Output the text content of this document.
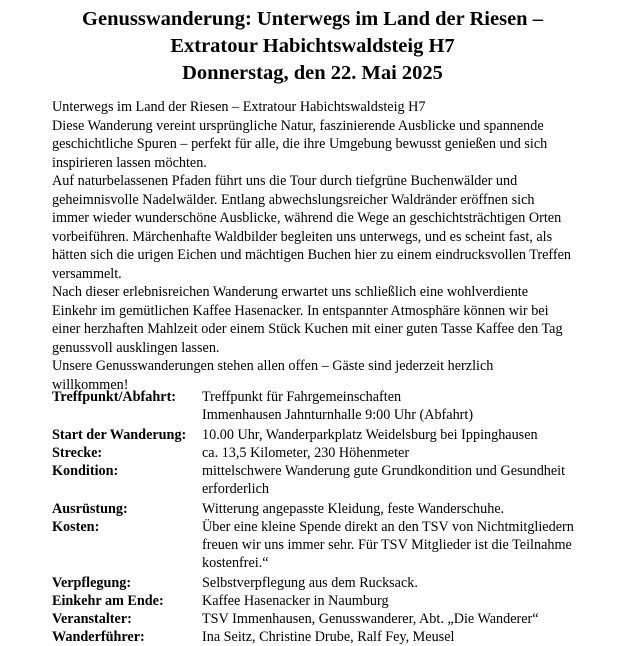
Genusswanderung: Unterwegs im Land der Riesen –
Extratour Habichtswaldsteig H7
Donnerstag, den 22. Mai 2025

Unterwegs im Land der Riesen – Extratour Habichtswaldsteig H7

Diese Wanderung vereint ursprüngliche Natur, faszinierende Ausblicke und spannende geschichtliche Spuren – perfekt für alle, die ihre Umgebung bewusst genießen und sich inspirieren lassen möchten.

Auf naturbelassenen Pfaden führt uns die Tour durch tiefgrüne Buchenwälder und geheimnisvolle Nadelwälder. Entlang abwechslungsreicher Waldränder eröffnen sich immer wieder wunderschöne Ausblicke, während die Wege an geschichtsträchtigen Orten vorbeiführen. Märchenhafte Waldbilder begleiten uns unterwegs, und es scheint fast, als hätten sich die urigen Eichen und mächtigen Buchen hier zu einem eindrucksvollen Treffen versammelt.

Nach dieser erlebnisreichen Wanderung erwartet uns schließlich eine wohlverdiente Einkehr im gemütlichen Kaffee Hasenacker. In entspannter Atmosphäre können wir bei einer herzhaften Mahlzeit oder einem Stück Kuchen mit einer guten Tasse Kaffee den Tag genussvoll ausklingen lassen.

Unsere Genusswanderungen stehen allen offen – Gäste sind jederzeit herzlich willkommen!

Treffpunkt/Abfahrt:	Treffpunkt für Fahrgemeinschaften
Immenhausen Jahnturnhalle 9:00 Uhr (Abfahrt)
Start der Wanderung:	10.00 Uhr, Wanderparkplatz Weidelsburg bei Ippinghausen
Strecke:	ca. 13,5 Kilometer, 230 Höhenmeter
Kondition:	mittelschwere Wanderung gute Grundkondition und Gesundheit erforderlich
Ausrüstung:	Witterung angepasste Kleidung, feste Wanderschuhe.
Kosten:	Über eine kleine Spende direkt an den TSV von Nichtmitgliedern freuen wir uns immer sehr. Für TSV Mitglieder ist die Teilnahme kostenfrei.“
Verpflegung:	Selbstverpflegung aus dem Rucksack.
Einkehr am Ende:	Kaffee Hasenacker in Naumburg
Veranstalter:	TSV Immenhausen, Genusswanderer, Abt. „Die Wanderer“
Wanderführer:	Ina Seitz, Christine Drube, Ralf Fey, Meusel
